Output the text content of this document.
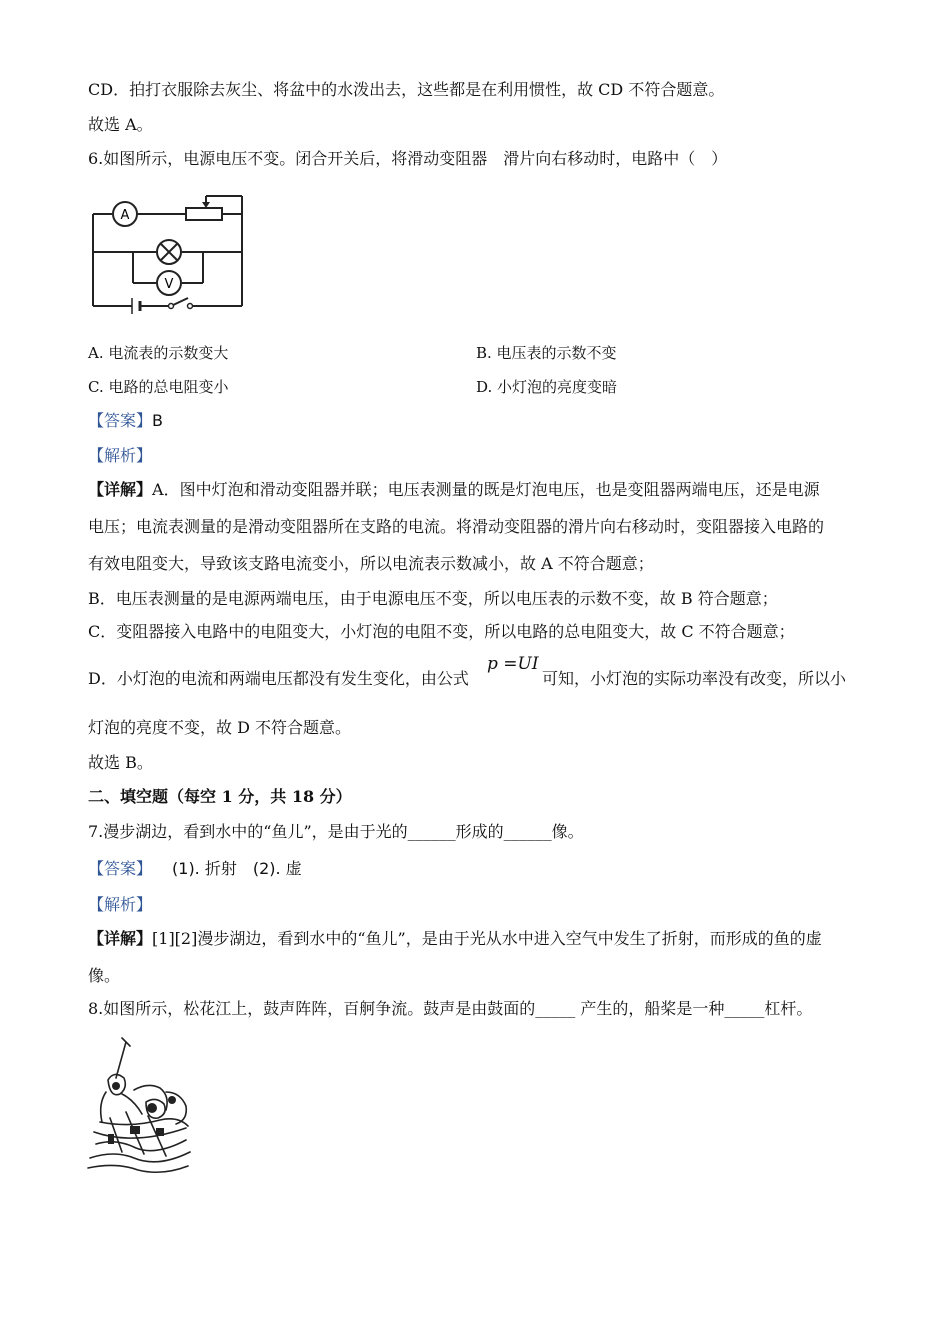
CD．拍打衣服除去灰尘、将盆中的水泼出去，这些都是在利用惯性，故 CD 不符合题意。
故选 A。
6.如图所示，电源电压不变。闭合开关后，将滑动变阻器　滑片向右移动时，电路中（　）
A
V
A. 电流表的示数变大	B. 电压表的示数不变
C. 电路的总电阻变小	D. 小灯泡的亮度变暗
【答案】B
【解析】
【详解】A．图中灯泡和滑动变阻器并联；电压表测量的既是灯泡电压，也是变阻器两端电压，还是电源
电压；电流表测量的是滑动变阻器所在支路的电流。将滑动变阻器的滑片向右移动时，变阻器接入电路的
有效电阻变大，导致该支路电流变小，所以电流表示数减小，故 A 不符合题意；
B．电压表测量的是电源两端电压，由于电源电压不变，所以电压表的示数不变，故 B 符合题意；
C．变阻器接入电路中的电阻变大，小灯泡的电阻不变，所以电路的总电阻变大，故 C 不符合题意；
D．小灯泡的电流和两端电压都没有发生变化，由公式
p =UI
可知，小灯泡的实际功率没有改变，所以小
灯泡的亮度不变，故 D 不符合题意。
故选 B。
二、填空题（每空 1 分，共 18 分）
7.漫步湖边，看到水中的“鱼儿”，是由于光的______形成的______像。
【答案】 (1). 折射　(2). 虚
【解析】
【详解】[1][2]漫步湖边，看到水中的“鱼儿”，是由于光从水中进入空气中发生了折射，而形成的鱼的虚
像。
8.如图所示，松花江上，鼓声阵阵，百舸争流。鼓声是由鼓面的_____ 产生的，船桨是一种_____杠杆。
